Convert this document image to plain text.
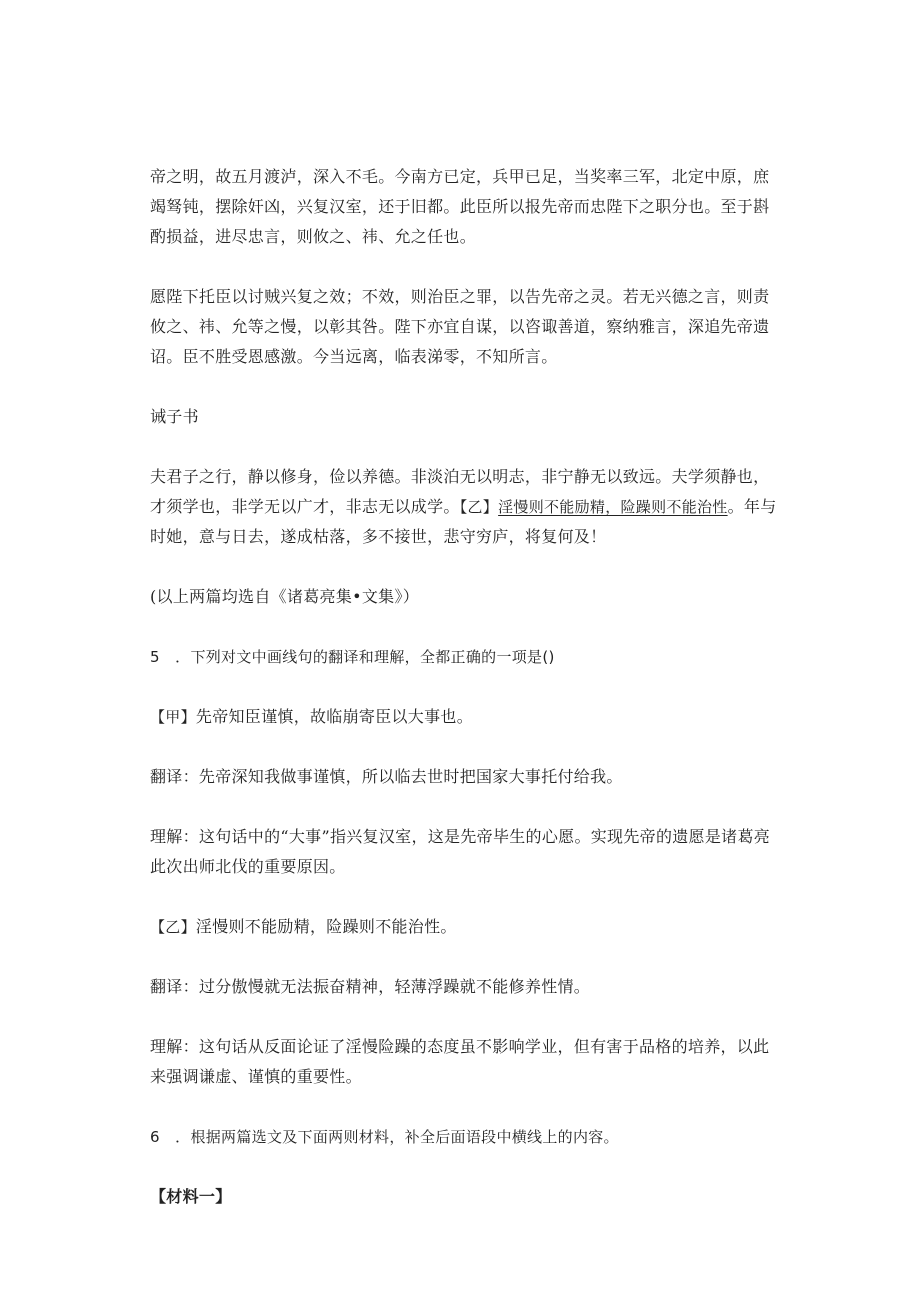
帝之明，故五月渡泸，深入不毛。今南方已定，兵甲已足，当奖率三军，北定中原，庶竭驽钝，摆除奸凶，兴复汉室，还于旧都。此臣所以报先帝而忠陛下之职分也。至于斟酌损益，进尽忠言，则攸之、祎、允之任也。

愿陛下托臣以讨贼兴复之效；不效，则治臣之罪，以告先帝之灵。若无兴德之言，则责攸之、祎、允等之慢，以彰其咎。陛下亦宜自谋，以咨诹善道，察纳雅言，深追先帝遗诏。臣不胜受恩感激。今当远离，临表涕零，不知所言。

诫子书

夫君子之行，静以修身，俭以养德。非淡泊无以明志，非宁静无以致远。夫学须静也，才须学也，非学无以广才，非志无以成学。【乙】淫慢则不能励精，险躁则不能治性。年与时她，意与日去，遂成枯落，多不接世，悲守穷庐，将复何及！

(以上两篇均选自《诸葛亮集•文集》）

5　．下列对文中画线句的翻译和理解，全都正确的一项是()

【甲】先帝知臣谨慎，故临崩寄臣以大事也。

翻译：先帝深知我做事谨慎，所以临去世时把国家大事托付给我。

理解：这句话中的“大事”指兴复汉室，这是先帝毕生的心愿。实现先帝的遗愿是诸葛亮此次出师北伐的重要原因。

【乙】淫慢则不能励精，险躁则不能治性。

翻译：过分傲慢就无法振奋精神，轻薄浮躁就不能修养性情。

理解：这句话从反面论证了淫慢险躁的态度虽不影响学业，但有害于品格的培养，以此来强调谦虚、谨慎的重要性。

6　．根据两篇选文及下面两则材料，补全后面语段中横线上的内容。

【材料一】
